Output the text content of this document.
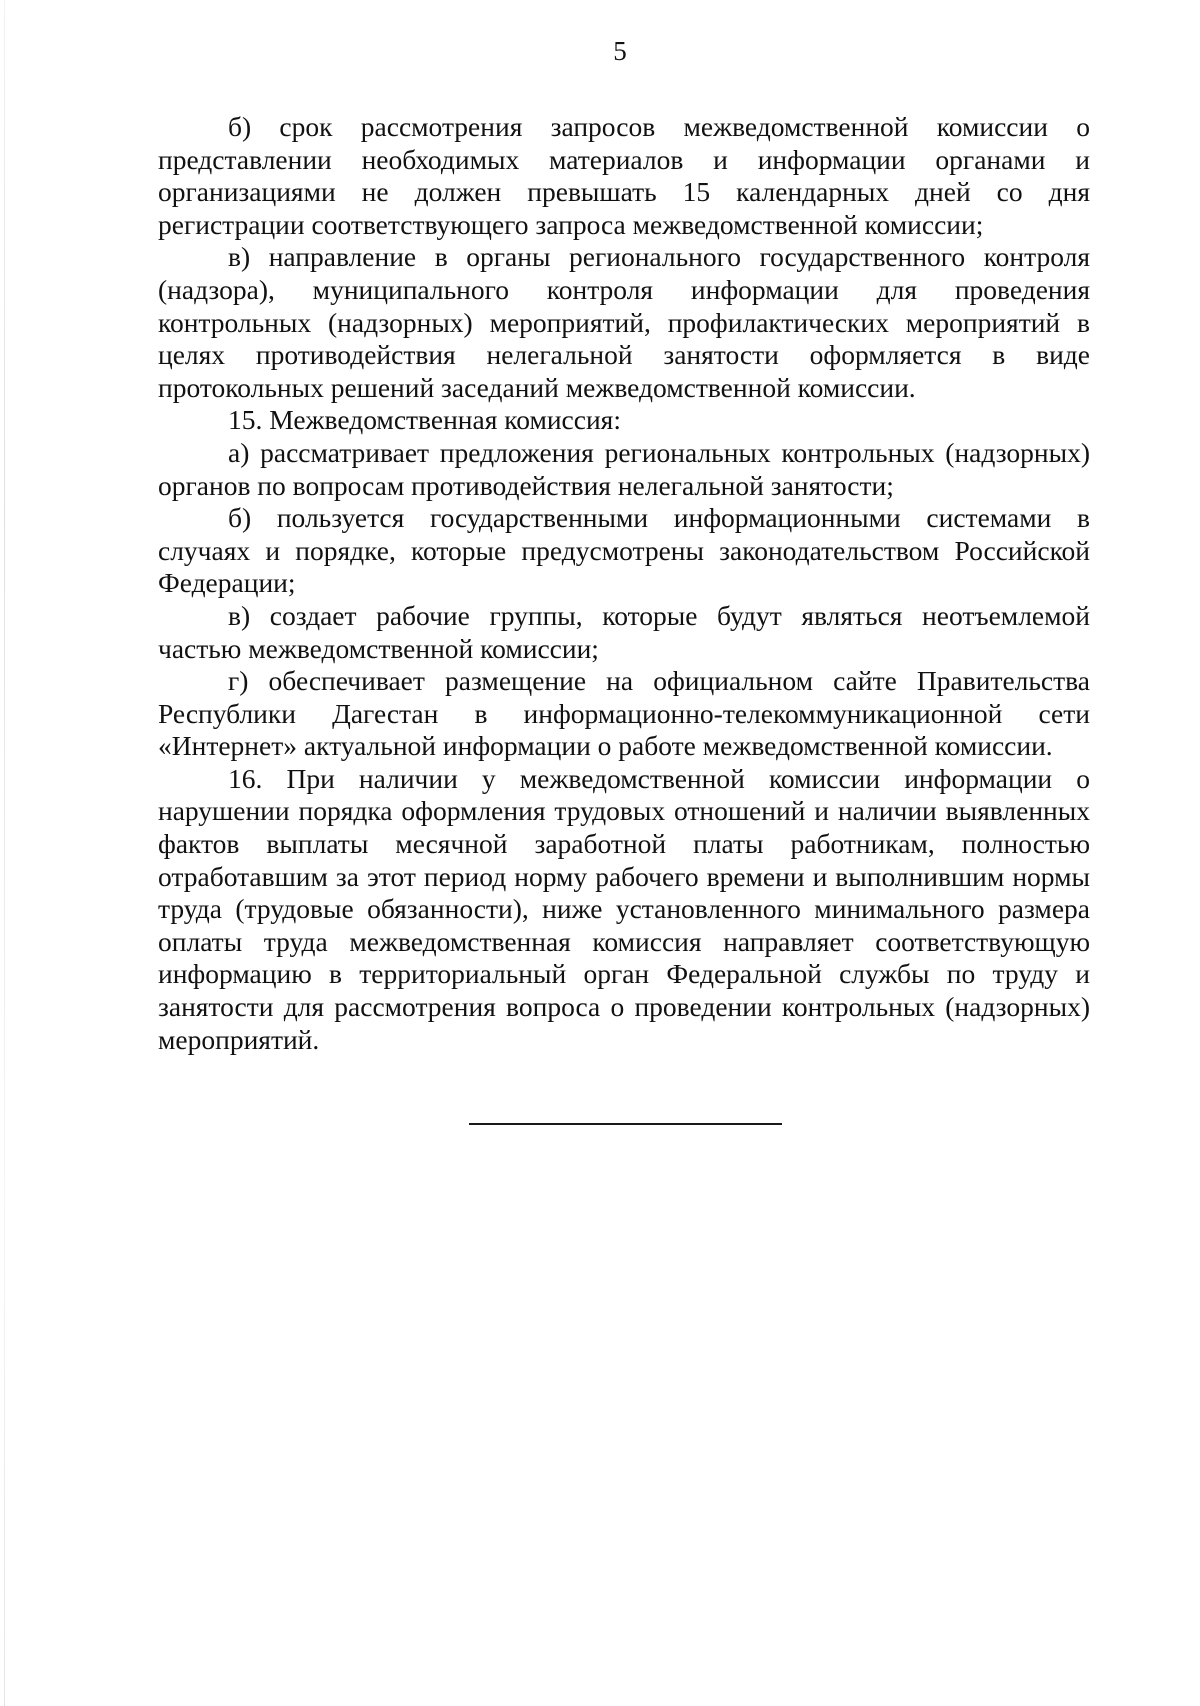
5

б) срок рассмотрения запросов межведомственной комиссии о представлении необходимых материалов и информации органами и организациями не должен превышать 15 календарных дней со дня регистрации соответствующего запроса межведомственной комиссии;

в) направление в органы регионального государственного контроля (надзора), муниципального контроля информации для проведения контрольных (надзорных) мероприятий, профилактических мероприятий в целях противодействия нелегальной занятости оформляется в виде протокольных решений заседаний межведомственной комиссии.

15. Межведомственная комиссия:

а) рассматривает предложения региональных контрольных (надзорных) органов по вопросам противодействия нелегальной занятости;

б) пользуется государственными информационными системами в случаях и порядке, которые предусмотрены законодательством Российской Федерации;

в) создает рабочие группы, которые будут являться неотъемлемой частью межведомственной комиссии;

г) обеспечивает размещение на официальном сайте Правительства Республики Дагестан в информационно-телекоммуникационной сети «Интернет» актуальной информации о работе межведомственной комиссии.

16. При наличии у межведомственной комиссии информации о нарушении порядка оформления трудовых отношений и наличии выявленных фактов выплаты месячной заработной платы работникам, полностью отработавшим за этот период норму рабочего времени и выполнившим нормы труда (трудовые обязанности), ниже установленного минимального размера оплаты труда межведомственная комиссия направляет соответствующую информацию в территориальный орган Федеральной службы по труду и занятости для рассмотрения вопроса о проведении контрольных (надзорных) мероприятий.
